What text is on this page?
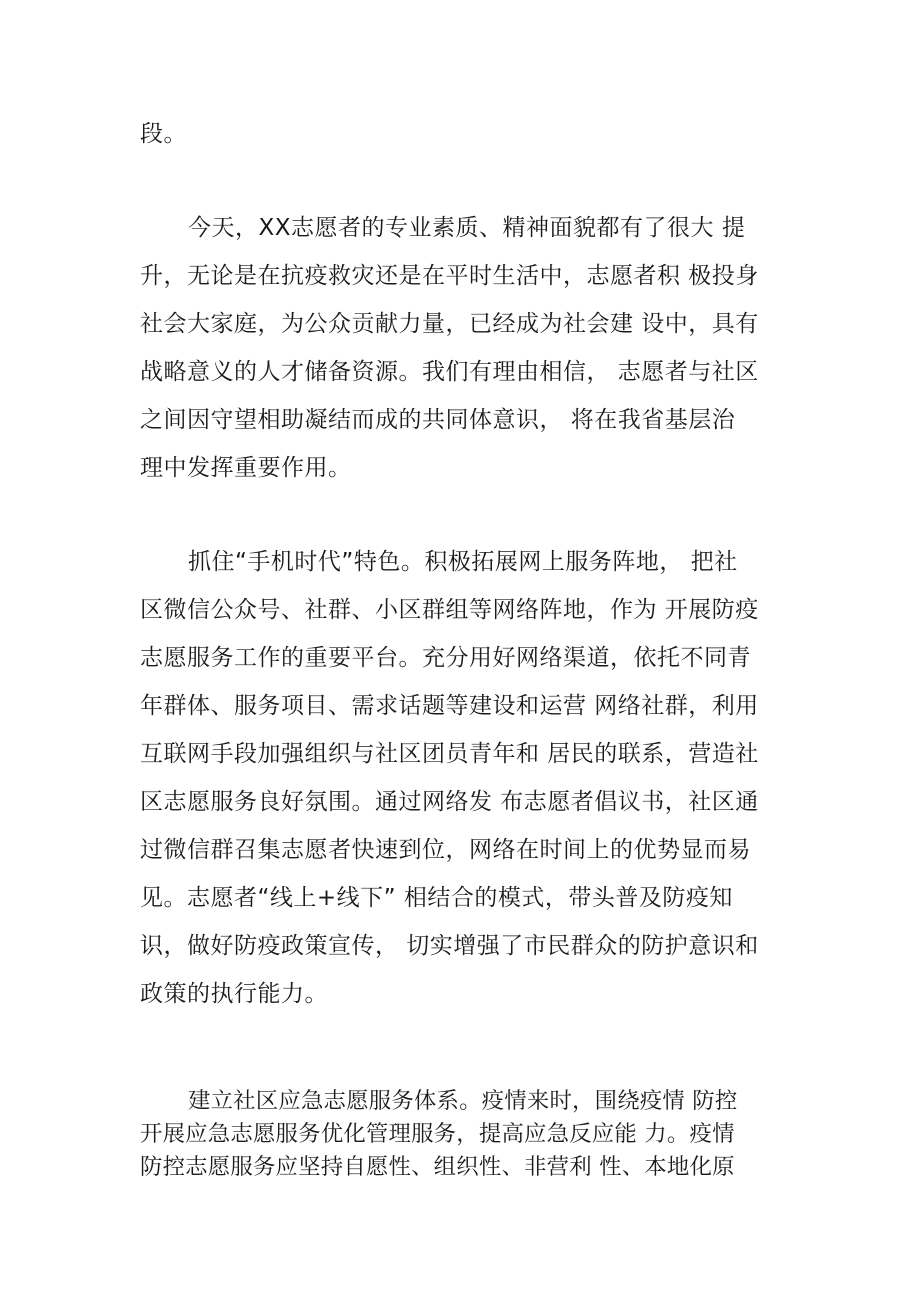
段。
今天，XX志愿者的专业素质、精神面貌都有了很大 提
升，无论是在抗疫救灾还是在平时生活中，志愿者积 极投身
社会大家庭，为公众贡献力量，已经成为社会建 设中，具有
战略意义的人才储备资源。我们有理由相信， 志愿者与社区
之间因守望相助凝结而成的共同体意识， 将在我省基层治
理中发挥重要作用。
抓住“手机时代”特色。积极拓展网上服务阵地， 把社
区微信公众号、社群、小区群组等网络阵地，作为 开展防疫
志愿服务工作的重要平台。充分用好网络渠道，依托不同青
年群体、服务项目、需求话题等建设和运营 网络社群，利用
互联网手段加强组织与社区团员青年和 居民的联系，营造社
区志愿服务良好氛围。通过网络发 布志愿者倡议书，社区通
过微信群召集志愿者快速到位，网络在时间上的优势显而易
见。志愿者“线上+线下” 相结合的模式，带头普及防疫知
识，做好防疫政策宣传， 切实增强了市民群众的防护意识和
政策的执行能力。
建立社区应急志愿服务体系。疫情来时，围绕疫情 防控
开展应急志愿服务优化管理服务，提高应急反应能 力。疫情
防控志愿服务应坚持自愿性、组织性、非营利 性、本地化原
